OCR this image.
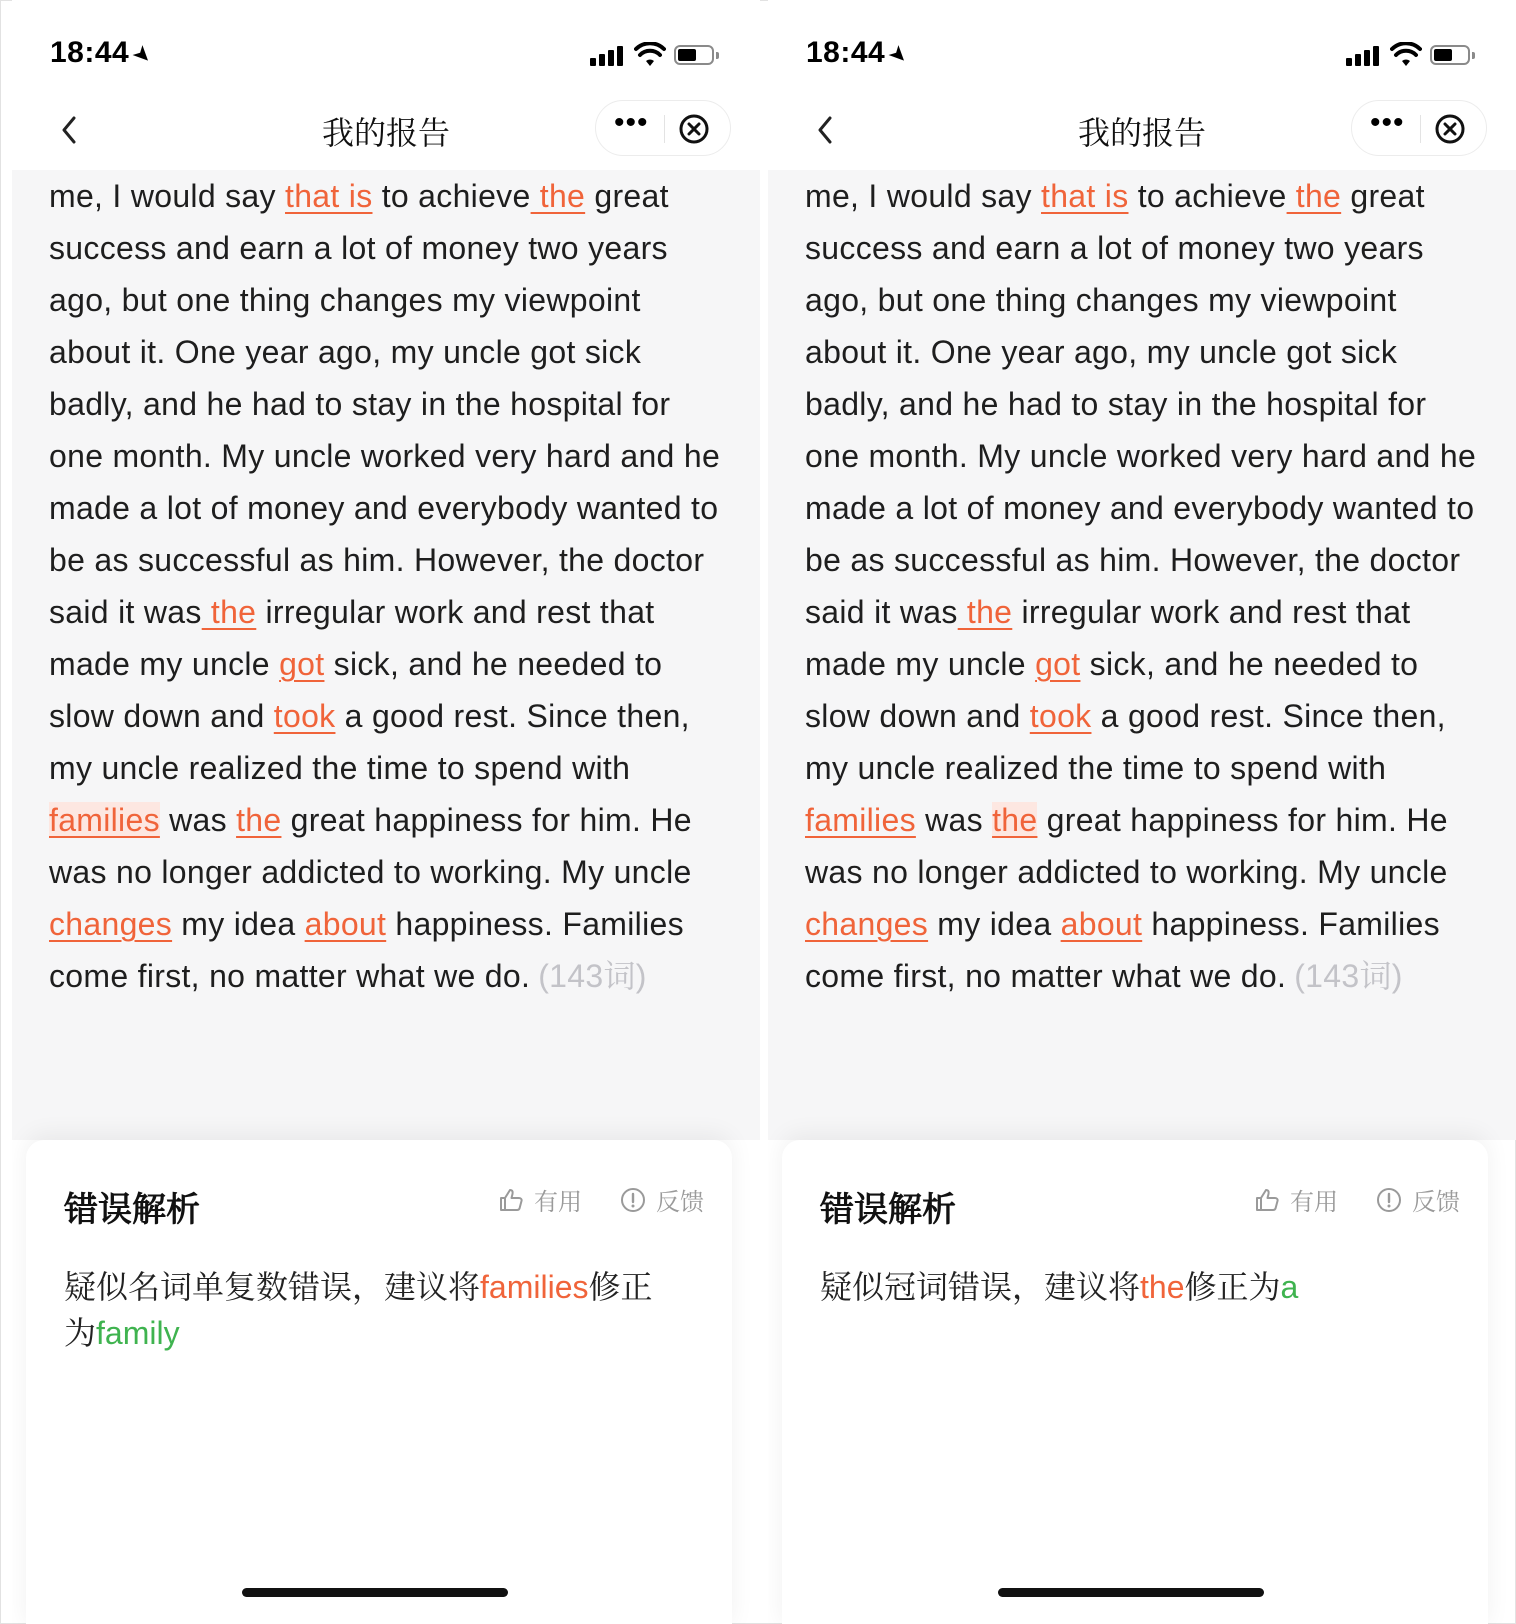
18:44➤
我的报告	•••
me, I would say that is to achieve the great success and earn a lot of money two years ago, but one thing changes my viewpoint about it. One year ago, my uncle got sick badly, and he had to stay in the hospital for one month. My uncle worked very hard and he made a lot of money and everybody wanted to be as successful as him. However, the doctor said it was the irregular work and rest that made my uncle got sick, and he needed to slow down and took a good rest. Since then, my uncle realized the time to spend with families was the great happiness for him. He was no longer addicted to working. My uncle changes my idea about happiness. Families come first, no matter what we do. (143词)
错误解析	有用	反馈
疑似名词单复数错误，建议将families修正为family
18:44➤
我的报告	•••
me, I would say that is to achieve the great success and earn a lot of money two years ago, but one thing changes my viewpoint about it. One year ago, my uncle got sick badly, and he had to stay in the hospital for one month. My uncle worked very hard and he made a lot of money and everybody wanted to be as successful as him. However, the doctor said it was the irregular work and rest that made my uncle got sick, and he needed to slow down and took a good rest. Since then, my uncle realized the time to spend with families was the great happiness for him. He was no longer addicted to working. My uncle changes my idea about happiness. Families come first, no matter what we do. (143词)
错误解析	有用	反馈
疑似冠词错误，建议将the修正为a
